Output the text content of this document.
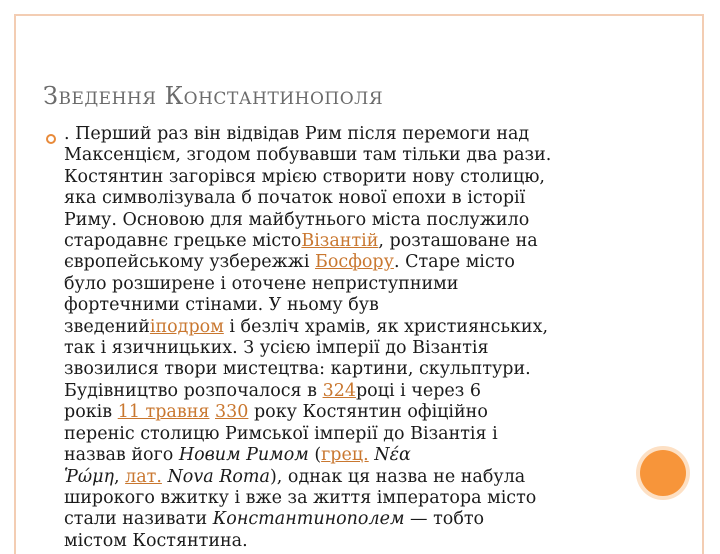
Зведення Константинополя
. Перший раз він відвідав Рим після перемоги над
Максенцієм, згодом побувавши там тільки два рази.
Костянтин загорівся мрією створити нову столицю,
яка символізувала б початок нової епохи в історії
Риму. Основою для майбутнього міста послужило
стародавнє грецьке містоВізантій, розташоване на
європейському узбережжі Босфору. Старе місто
було розширене і оточене неприступними
фортечними стінами. У ньому був
зведенийіподром і безліч храмів, як християнських,
так і язичницьких. З усією імперії до Візантія
звозилися твори мистецтва: картини, скульптури.
Будівництво розпочалося в 324році і через 6
років 11 травня 330 року Костянтин офіційно
переніс столицю Римської імперії до Візантія і
назвав його Новим Римом (грец. Νέα
Ῥώμη, лат. Nova Roma), однак ця назва не набула
широкого вжитку і вже за життя імператора місто
стали називати Константинополем — тобто
містом Костянтина.
